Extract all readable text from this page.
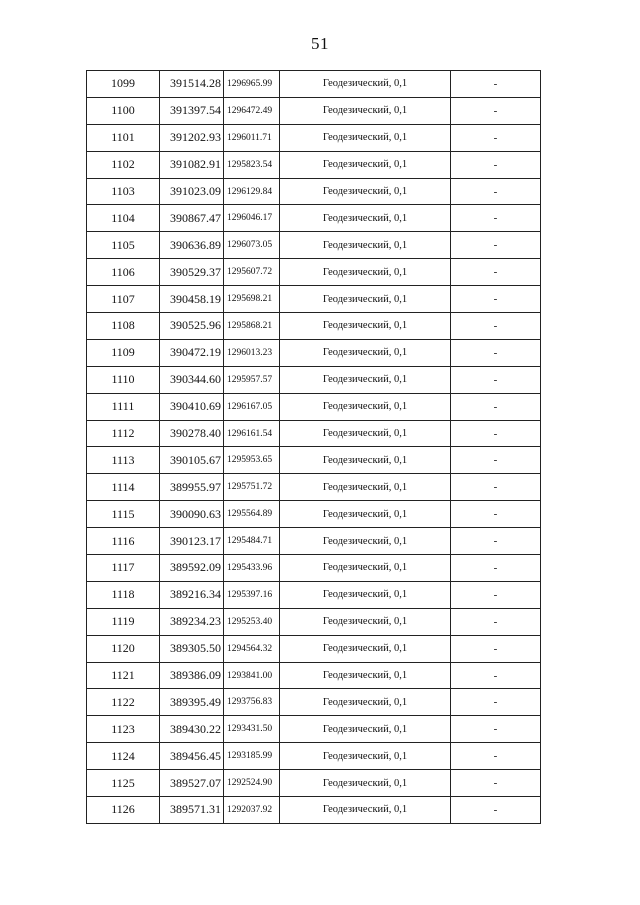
51
1099	391514.28	1296965.99	Геодезический, 0,1	-
1100	391397.54	1296472.49	Геодезический, 0,1	-
1101	391202.93	1296011.71	Геодезический, 0,1	-
1102	391082.91	1295823.54	Геодезический, 0,1	-
1103	391023.09	1296129.84	Геодезический, 0,1	-
1104	390867.47	1296046.17	Геодезический, 0,1	-
1105	390636.89	1296073.05	Геодезический, 0,1	-
1106	390529.37	1295607.72	Геодезический, 0,1	-
1107	390458.19	1295698.21	Геодезический, 0,1	-
1108	390525.96	1295868.21	Геодезический, 0,1	-
1109	390472.19	1296013.23	Геодезический, 0,1	-
1110	390344.60	1295957.57	Геодезический, 0,1	-
1111	390410.69	1296167.05	Геодезический, 0,1	-
1112	390278.40	1296161.54	Геодезический, 0,1	-
1113	390105.67	1295953.65	Геодезический, 0,1	-
1114	389955.97	1295751.72	Геодезический, 0,1	-
1115	390090.63	1295564.89	Геодезический, 0,1	-
1116	390123.17	1295484.71	Геодезический, 0,1	-
1117	389592.09	1295433.96	Геодезический, 0,1	-
1118	389216.34	1295397.16	Геодезический, 0,1	-
1119	389234.23	1295253.40	Геодезический, 0,1	-
1120	389305.50	1294564.32	Геодезический, 0,1	-
1121	389386.09	1293841.00	Геодезический, 0,1	-
1122	389395.49	1293756.83	Геодезический, 0,1	-
1123	389430.22	1293431.50	Геодезический, 0,1	-
1124	389456.45	1293185.99	Геодезический, 0,1	-
1125	389527.07	1292524.90	Геодезический, 0,1	-
1126	389571.31	1292037.92	Геодезический, 0,1	-
